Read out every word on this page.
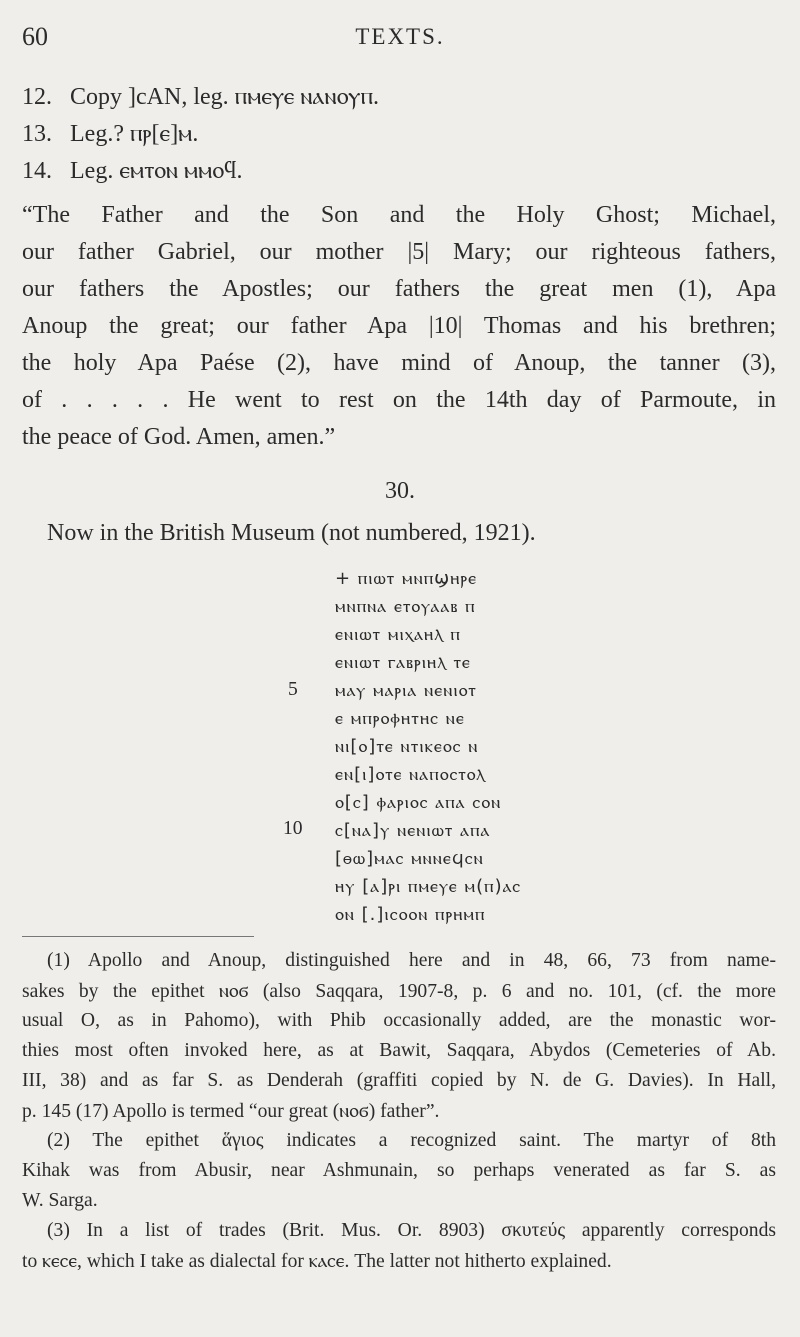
60	TEXTS.
12. Copy ]cAN, leg. ⲡⲙⲉⲩⲉ ⲛⲁⲛⲟⲩⲡ.
13. Leg.? ⲡⲣ[ⲉ]ⲙ.
14. Leg. ⲉⲙⲧⲟⲛ ⲙⲙⲟϥ.
“The Father and the Son and the Holy Ghost; Michael,
our father Gabriel, our mother |5| Mary; our righteous fathers,
our fathers the Apostles; our fathers the great men (1), Apa
Anoup the great; our father Apa |10| Thomas and his brethren;
the holy Apa Paése (2), have mind of Anoup, the tanner (3),
of . . . . . He went to rest on the 14th day of Parmoute, in
the peace of God. Amen, amen.”
30.
Now in the British Museum (not numbered, 1921).
+ ⲡⲓⲱⲧ ⲙⲛⲡϣⲏⲣⲉ
ⲙⲛⲡⲛⲁ ⲉⲧⲟⲩⲁⲁⲃ ⲡ
ⲉⲛⲓⲱⲧ ⲙⲓⲭⲁⲏⲗ ⲡ
ⲉⲛⲓⲱⲧ ⲅⲁⲃⲣⲓⲏⲗ ⲧⲉ
5 ⲙⲁⲩ ⲙⲁⲣⲓⲁ ⲛⲉⲛⲓⲟⲧ
ⲉ ⲙⲡⲣⲟⲫⲏⲧⲏⲥ ⲛⲉ
ⲛⲓ[ⲟ]ⲧⲉ ⲛⲧⲓⲕⲉⲟⲥ ⲛ
ⲉⲛ[ⲓ]ⲟⲧⲉ ⲛⲁⲡⲟⲥⲧⲟⲗ
ⲟ[ⲥ] ⲫⲁⲣⲓⲟⲥ ⲁⲡⲁ ⲥⲟⲛ
10 ⲥ[ⲛⲁ]ⲩ ⲛⲉⲛⲓⲱⲧ ⲁⲡⲁ
[ⲑⲱ]ⲙⲁⲥ ⲙⲛⲛⲉϥⲥⲛ
ⲏⲩ [ⲁ]ⲣⲓ ⲡⲙⲉⲩⲉ ⲙ(ⲡ)ⲁⲥ
ⲟⲛ [.]ⲓⲥⲟⲟⲛ ⲡⲣⲏⲙⲡ
(1) Apollo and Anoup, distinguished here and in 48, 66, 73 from name-
sakes by the epithet ⲛⲟϭ (also Saqqara, 1907-8, p. 6 and no. 101, (cf. the more
usual O, as in Pahomo), with Phib occasionally added, are the monastic wor-
thies most often invoked here, as at Bawit, Saqqara, Abydos (Cemeteries of Ab.
III, 38) and as far S. as Denderah (graffiti copied by N. de G. Davies). In Hall,
p. 145 (17) Apollo is termed “our great (ⲛⲟϭ) father”.
(2) The epithet ἅγιος indicates a recognized saint. The martyr of 8th
Kihak was from Abusir, near Ashmunain, so perhaps venerated as far S. as
W. Sarga.
(3) In a list of trades (Brit. Mus. Or. 8903) σκυτεύς apparently corresponds
to ⲕⲉⲥⲉ, which I take as dialectal for ⲕⲁⲥⲉ. The latter not hitherto explained.
